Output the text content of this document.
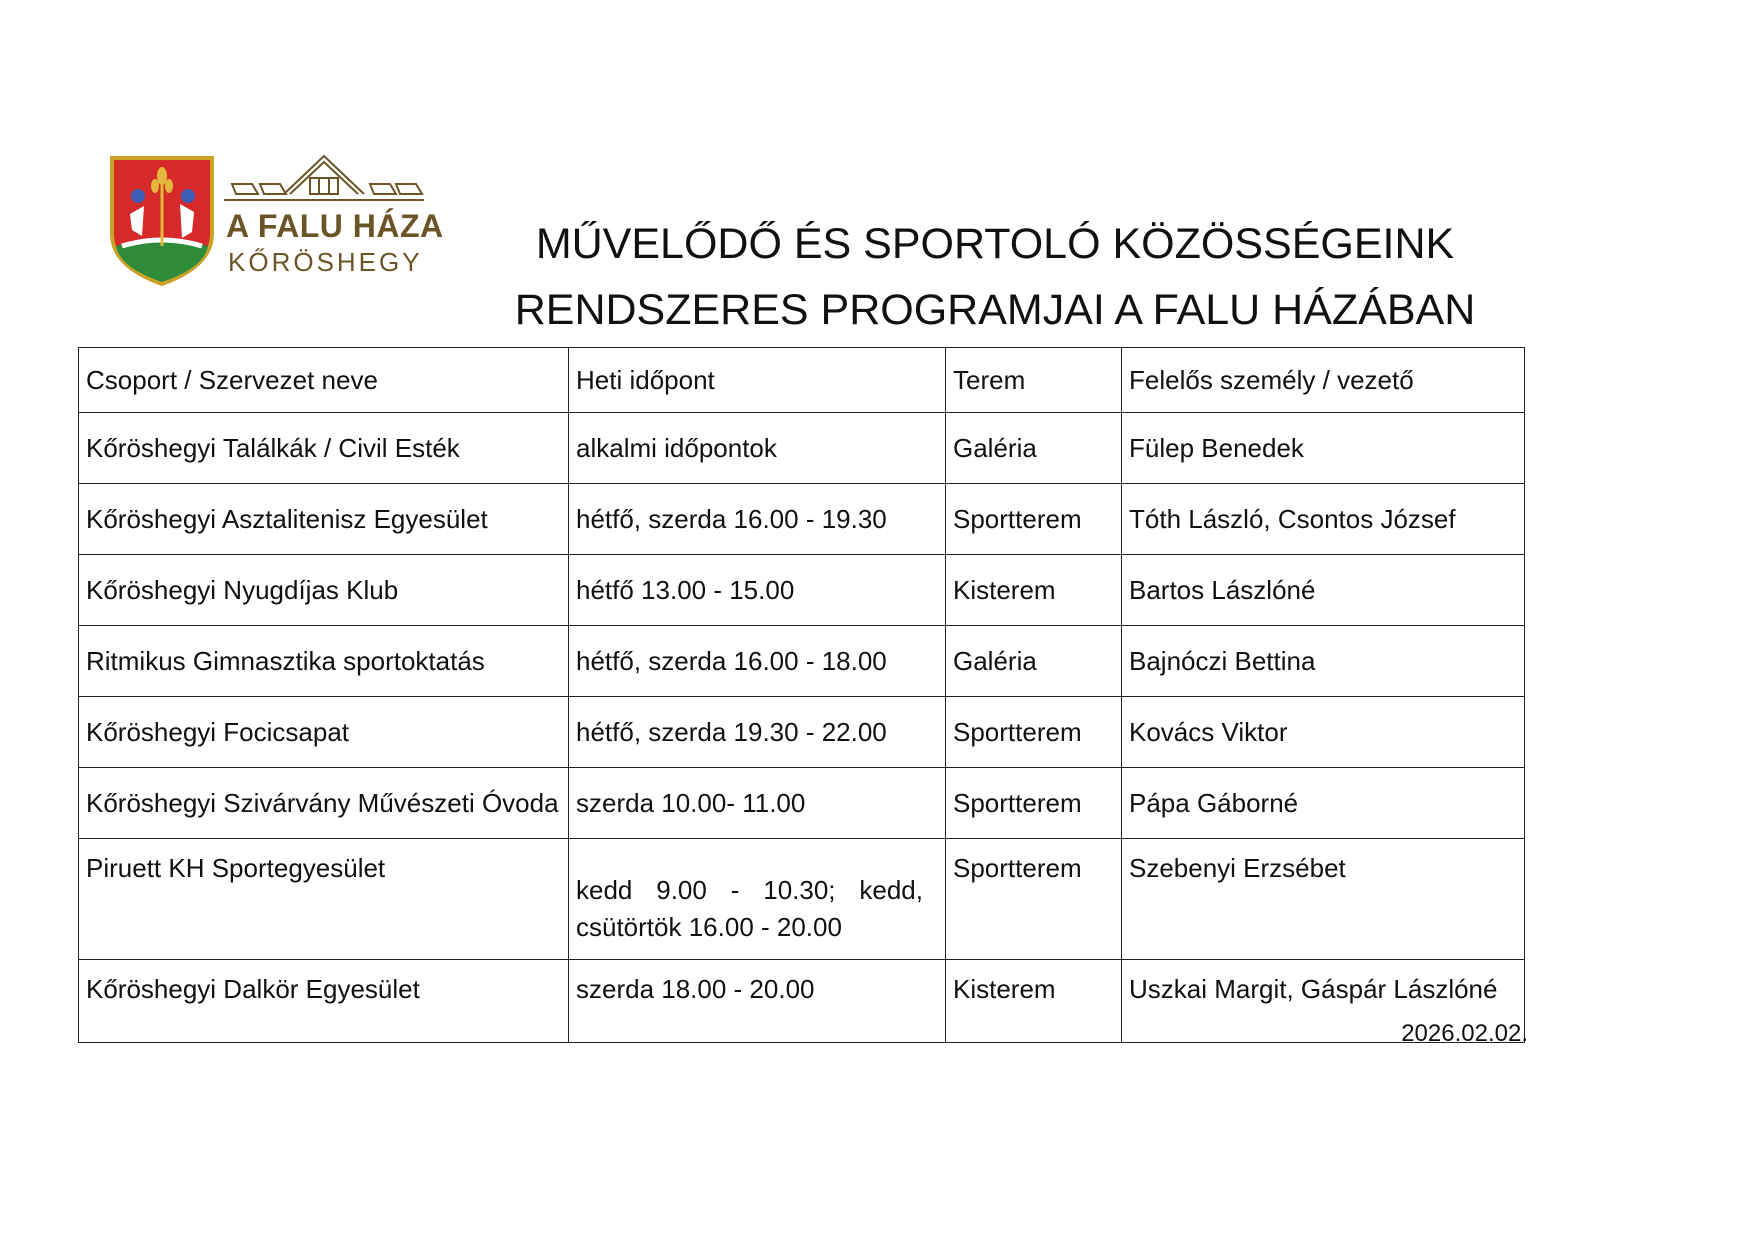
A FALU HÁZA
KŐRÖSHEGY	MŰVELŐDŐ ÉS SPORTOLÓ KÖZÖSSÉGEINK
RENDSZERES PROGRAMJAI A FALU HÁZÁBAN
Csoport / Szervezet neve	Heti időpont	Terem	Felelős személy / vezető
Kőröshegyi Találkák / Civil Esték	alkalmi időpontok	Galéria	Fülep Benedek
Kőröshegyi Asztalitenisz Egyesület	hétfő, szerda 16.00 - 19.30	Sportterem	Tóth László, Csontos József
Kőröshegyi Nyugdíjas Klub	hétfő 13.00 - 15.00	Kisterem	Bartos Lászlóné
Ritmikus Gimnasztika sportoktatás	hétfő, szerda 16.00 - 18.00	Galéria	Bajnóczi Bettina
Kőröshegyi Focicsapat	hétfő, szerda 19.30 - 22.00	Sportterem	Kovács Viktor
Kőröshegyi Szivárvány Művészeti Óvoda	szerda 10.00- 11.00	Sportterem	Pápa Gáborné
Piruett KH Sportegyesület	kedd 9.00 - 10.30; kedd, csütörtök 16.00 - 20.00	Sportterem	Szebenyi Erzsébet
Kőröshegyi Dalkör Egyesület	szerda 18.00 - 20.00	Kisterem	Uszkai Margit, Gáspár Lászlóné
2026.02.02.
